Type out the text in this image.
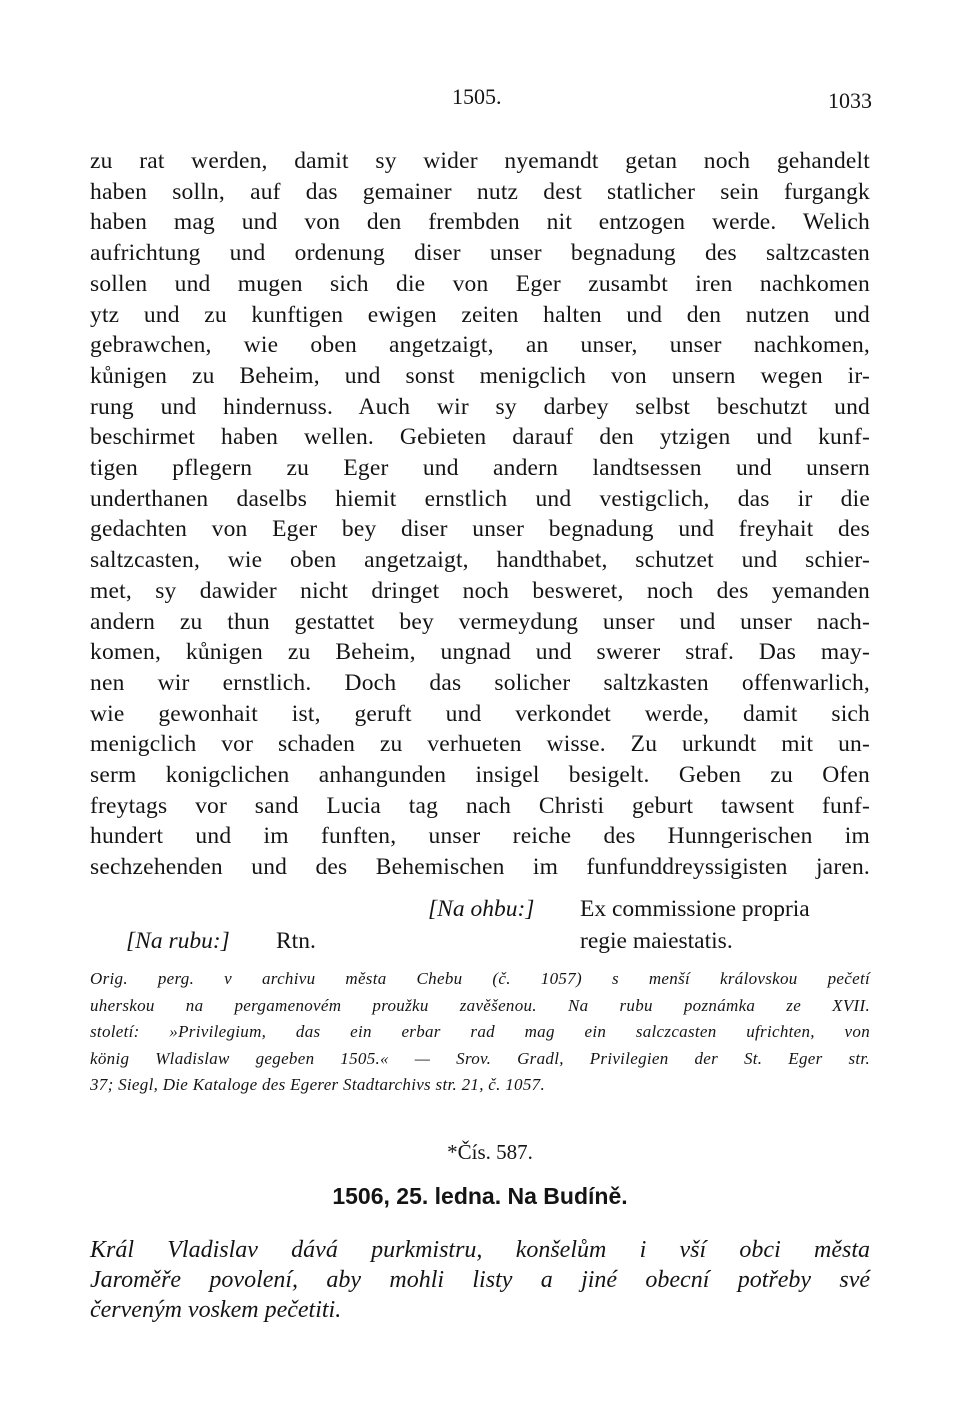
1505.	1033
zu rat werden, damit sy wider nyemandt getan noch gehandelt
haben solln, auf das gemainer nutz dest statlicher sein furgangk
haben mag und von den frembden nit entzogen werde. Welich
aufrichtung und ordenung diser unser begnadung des saltzcasten
sollen und mugen sich die von Eger zusambt iren nachkomen
ytz und zu kunftigen ewigen zeiten halten und den nutzen und
gebrawchen, wie oben angetzaigt, an unser, unser nachkomen,
kůnigen zu Beheim, und sonst menigclich von unsern wegen ir-
rung und hindernuss. Auch wir sy darbey selbst beschutzt und
beschirmet haben wellen. Gebieten darauf den ytzigen und kunf-
tigen pflegern zu Eger und andern landtsessen und unsern
underthanen daselbs hiemit ernstlich und vestigclich, das ir die
gedachten von Eger bey diser unser begnadung und freyhait des
saltzcasten, wie oben angetzaigt, handthabet, schutzet und schier-
met, sy dawider nicht dringet noch besweret, noch des yemanden
andern zu thun gestattet bey vermeydung unser und unser nach-
komen, kůnigen zu Beheim, ungnad und swerer straf. Das may-
nen wir ernstlich. Doch das solicher saltzkasten offenwarlich,
wie gewonhait ist, geruft und verkondet werde, damit sich
menigclich vor schaden zu verhueten wisse. Zu urkundt mit un-
serm konigclichen anhangunden insigel besigelt. Geben zu Ofen
freytags vor sand Lucia tag nach Christi geburt tawsent funf-
hundert und im funften, unser reiche des Hunngerischen im
sechzehenden und des Behemischen im funfunddreyssigisten jaren.
[Na ohbu:] Ex commissione propria
[Na rubu:] Rtn.	regie maiestatis.
Orig. perg. v archivu města Chebu (č. 1057) s menší královskou pečetí
uherskou na pergamenovém proužku zavěšenou. Na rubu poznámka ze XVII.
století: »Privilegium, das ein erbar rad mag ein salczcasten ufrichten, von
könig Wladislaw gegeben 1505.« — Srov. Gradl, Privilegien der St. Eger str.
37; Siegl, Die Kataloge des Egerer Stadtarchivs str. 21, č. 1057.
*Čís. 587.
1506, 25. ledna. Na Budíně.
Král Vladislav dává purkmistru, konšelům i vší obci města
Jaroměře povolení, aby mohli listy a jiné obecní potřeby své
červeným voskem pečetiti.
